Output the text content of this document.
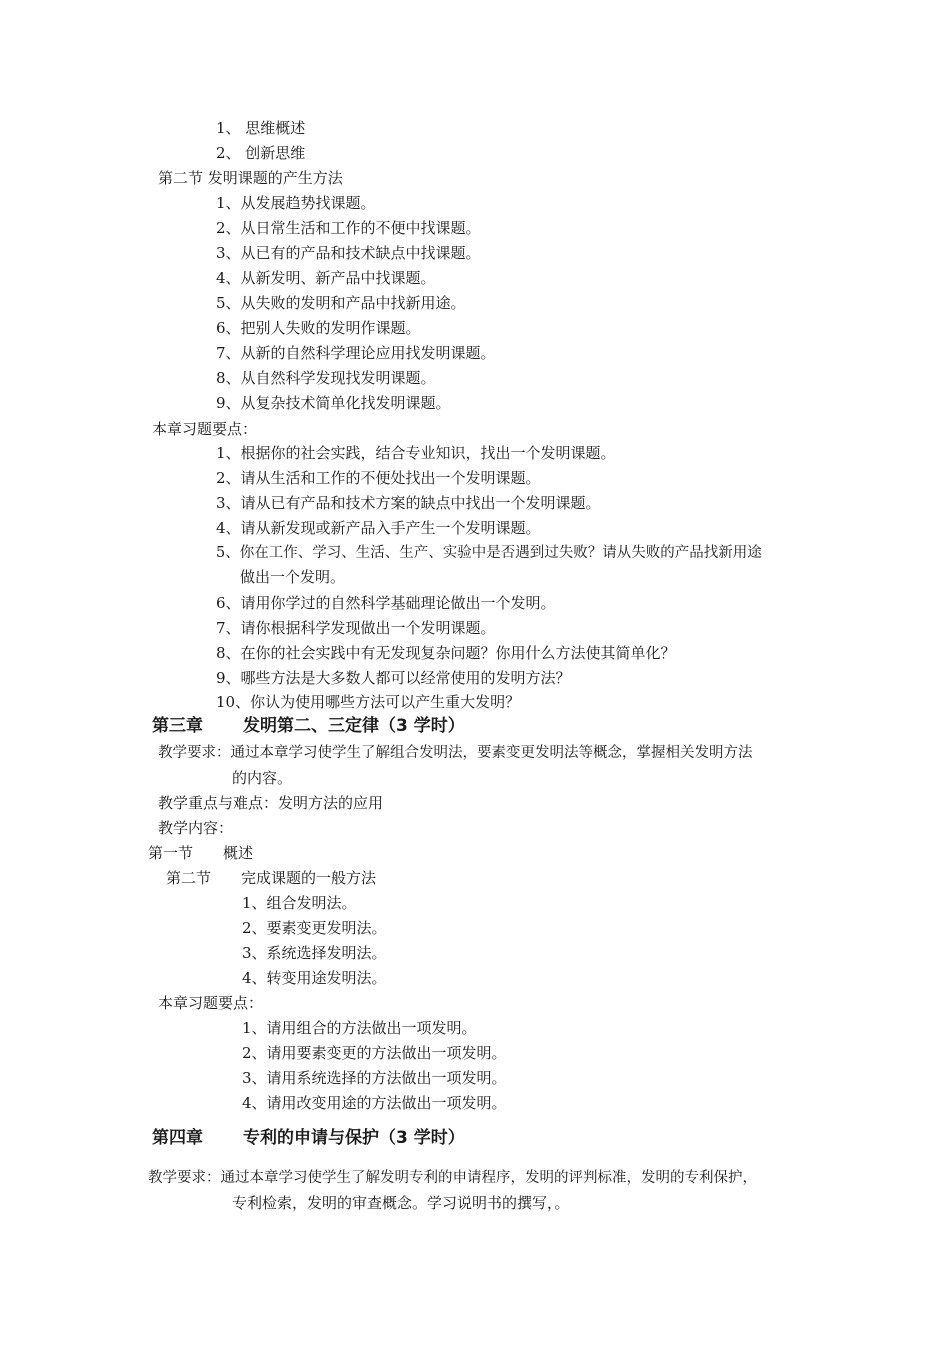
1、 思维概述
2、 创新思维
第二节 发明课题的产生方法
1、从发展趋势找课题。
2、从日常生活和工作的不便中找课题。
3、从已有的产品和技术缺点中找课题。
4、从新发明、新产品中找课题。
5、从失败的发明和产品中找新用途。
6、把别人失败的发明作课题。
7、从新的自然科学理论应用找发明课题。
8、从自然科学发现找发明课题。
9、从复杂技术简单化找发明课题。
本章习题要点：
1、根据你的社会实践，结合专业知识，找出一个发明课题。
2、请从生活和工作的不便处找出一个发明课题。
3、请从已有产品和技术方案的缺点中找出一个发明课题。
4、请从新发现或新产品入手产生一个发明课题。
5、你在工作、学习、生活、生产、实验中是否遇到过失败？请从失败的产品找新用途
做出一个发明。
6、请用你学过的自然科学基础理论做出一个发明。
7、请你根据科学发现做出一个发明课题。
8、在你的社会实践中有无发现复杂问题？你用什么方法使其简单化？
9、哪些方法是大多数人都可以经常使用的发明方法？
10、你认为使用哪些方法可以产生重大发明？
第三章 发明第二、三定律（3 学时）
教学要求：通过本章学习使学生了解组合发明法，要素变更发明法等概念，掌握相关发明方法
的内容。
教学重点与难点：发明方法的应用
教学内容：
第一节 概述
第二节 完成课题的一般方法
1、组合发明法。
2、要素变更发明法。
3、系统选择发明法。
4、转变用途发明法。
本章习题要点：
1、请用组合的方法做出一项发明。
2、请用要素变更的方法做出一项发明。
3、请用系统选择的方法做出一项发明。
4、请用改变用途的方法做出一项发明。
第四章 专利的申请与保护（3 学时）
教学要求：通过本章学习使学生了解发明专利的申请程序，发明的评判标准，发明的专利保护，
专利检索，发明的审查概念。学习说明书的撰写，。
